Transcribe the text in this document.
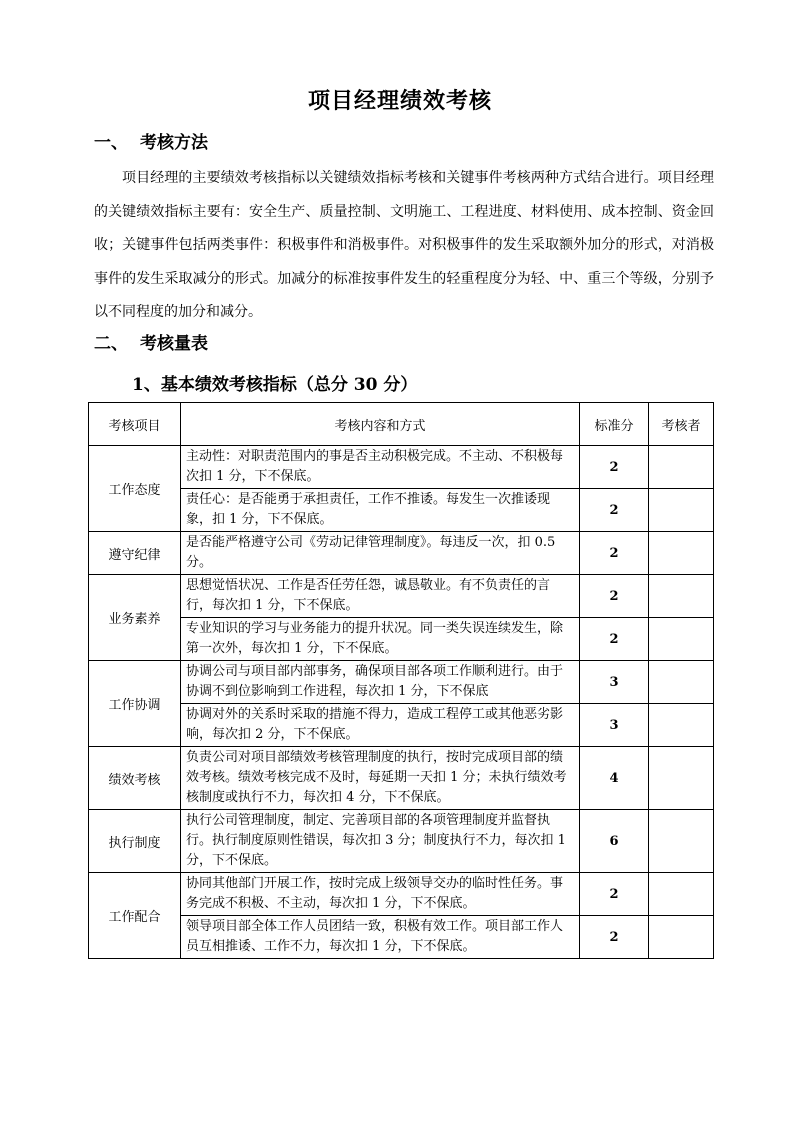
项目经理绩效考核
一、 考核方法
项目经理的主要绩效考核指标以关键绩效指标考核和关键事件考核两种方式结合进行。项目经理的关键绩效指标主要有：安全生产、质量控制、文明施工、工程进度、材料使用、成本控制、资金回收；关键事件包括两类事件：积极事件和消极事件。对积极事件的发生采取额外加分的形式，对消极事件的发生采取减分的形式。加减分的标准按事件发生的轻重程度分为轻、中、重三个等级，分别予以不同程度的加分和减分。
二、 考核量表
1、基本绩效考核指标（总分 30 分）
考核项目	考核内容和方式	标准分	考核者
工作态度	主动性：对职责范围内的事是否主动积极完成。不主动、不积极每次扣 1 分，下不保底。	2	
	责任心：是否能勇于承担责任，工作不推诿。每发生一次推诿现象，扣 1 分，下不保底。	2	
遵守纪律	是否能严格遵守公司《劳动记律管理制度》。每违反一次，扣 0.5 分。	2	
业务素养	思想觉悟状况、工作是否任劳任怨，诚恳敬业。有不负责任的言行，每次扣 1 分，下不保底。	2	
	专业知识的学习与业务能力的提升状况。同一类失误连续发生，除第一次外，每次扣 1 分，下不保底。	2	
工作协调	协调公司与项目部内部事务，确保项目部各项工作顺利进行。由于协调不到位影响到工作进程，每次扣 1 分，下不保底	3	
	协调对外的关系时采取的措施不得力，造成工程停工或其他恶劣影响，每次扣 2 分，下不保底。	3	
绩效考核	负责公司对项目部绩效考核管理制度的执行，按时完成项目部的绩效考核。绩效考核完成不及时，每延期一天扣 1 分；未执行绩效考核制度或执行不力，每次扣 4 分，下不保底。	4	
执行制度	执行公司管理制度，制定、完善项目部的各项管理制度并监督执行。执行制度原则性错误，每次扣 3 分；制度执行不力，每次扣 1 分，下不保底。	6	
工作配合	协同其他部门开展工作，按时完成上级领导交办的临时性任务。事务完成不积极、不主动，每次扣 1 分，下不保底。	2	
	领导项目部全体工作人员团结一致，积极有效工作。项目部工作人员互相推诿、工作不力，每次扣 1 分，下不保底。	2	
